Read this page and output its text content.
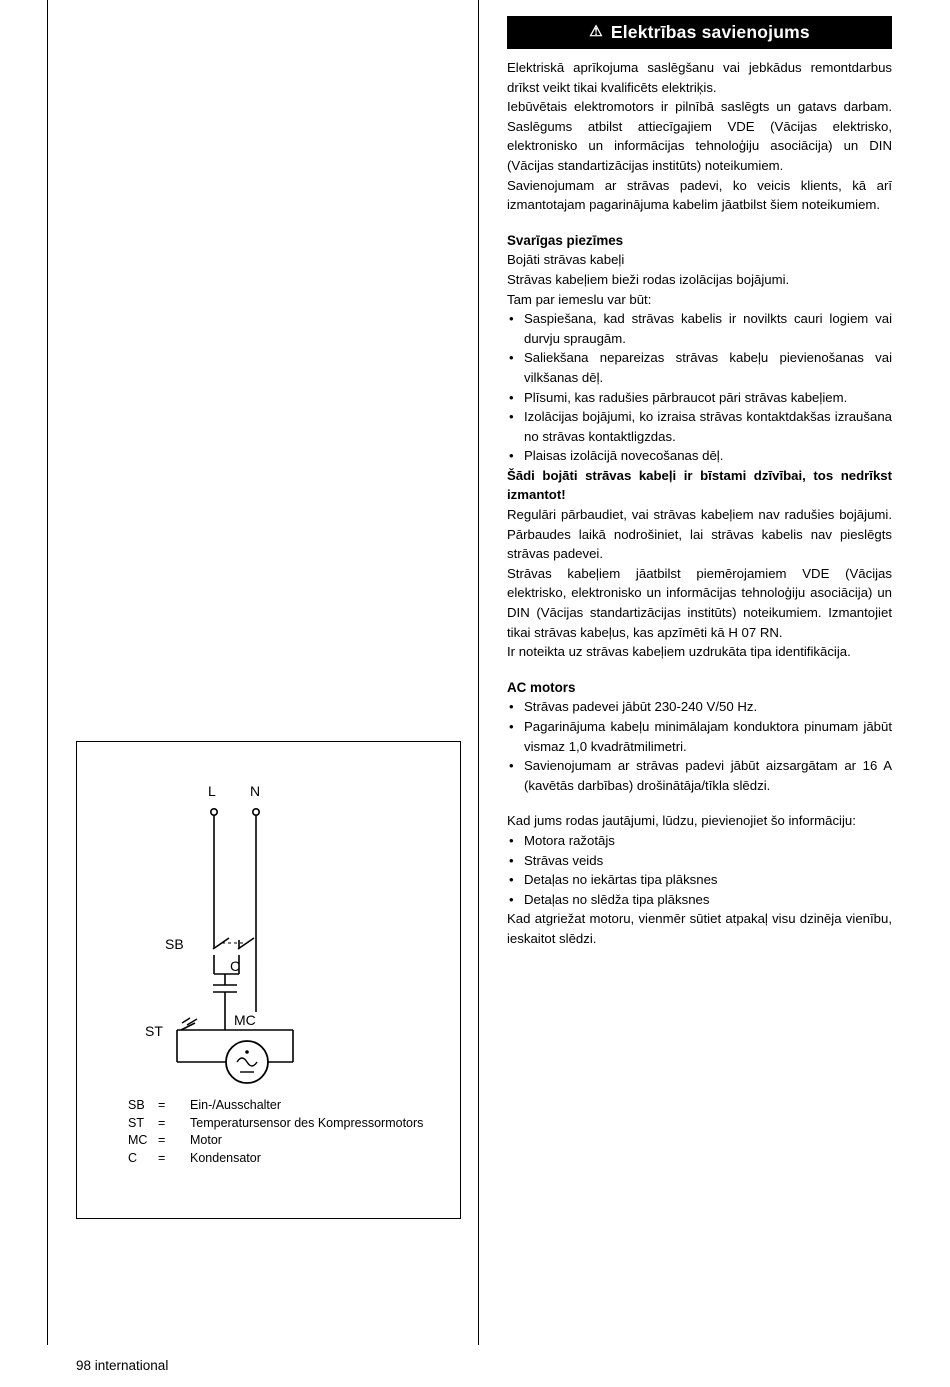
L N
SB
C
ST
MC
SB	=	Ein-/Ausschalter
ST	=	Temperatursensor des Kompressormotors
MC	=	Motor
C	=	Kondensator
⚠ Elektrības savienojums

Elektriskā aprīkojuma saslēgšanu vai jebkādus remontdarbus drīkst veikt tikai kvalificēts elektriķis.

Iebūvētais elektromotors ir pilnībā saslēgts un gatavs darbam. Saslēgums atbilst attiecīgajiem VDE (Vācijas elektrisko, elektronisko un informācijas tehnoloģiju asociācija) un DIN (Vācijas standartizācijas institūts) noteikumiem.

Savienojumam ar strāvas padevi, ko veicis klients, kā arī izmantotajam pagarinājuma kabelim jāatbilst šiem noteikumiem.

Svarīgas piezīmes

Bojāti strāvas kabeļi

Strāvas kabeļiem bieži rodas izolācijas bojājumi.

Tam par iemeslu var būt:

• Saspiešana, kad strāvas kabelis ir novilkts cauri logiem vai durvju spraugām.
• Saliekšana nepareizas strāvas kabeļu pievienošanas vai vilkšanas dēļ.
• Plīsumi, kas radušies pārbraucot pāri strāvas kabeļiem.
• Izolācijas bojājumi, ko izraisa strāvas kontaktdakšas izraušana no strāvas kontaktligzdas.
• Plaisas izolācijā novecošanas dēļ.
Šādi bojāti strāvas kabeļi ir bīstami dzīvībai, tos nedrīkst izmantot!

Regulāri pārbaudiet, vai strāvas kabeļiem nav radušies bojājumi. Pārbaudes laikā nodrošiniet, lai strāvas kabelis nav pieslēgts strāvas padevei.

Strāvas kabeļiem jāatbilst piemērojamiem VDE (Vācijas elektrisko, elektronisko un informācijas tehnoloģiju asociācija) un DIN (Vācijas standartizācijas institūts) noteikumiem. Izmantojiet tikai strāvas kabeļus, kas apzīmēti kā H 07 RN.

Ir noteikta uz strāvas kabeļiem uzdrukāta tipa identifikācija.

AC motors
• Strāvas padevei jābūt 230-240 V/50 Hz.
• Pagarinājuma kabeļu minimālajam konduktora pinumam jābūt vismaz 1,0 kvadrātmilimetri.
• Savienojumam ar strāvas padevi jābūt aizsargātam ar 16 A (kavētās darbības) drošinātāja/tīkla slēdzi.

Kad jums rodas jautājumi, lūdzu, pievienojiet šo informāciju:

• Motora ražotājs
• Strāvas veids
• Detaļas no iekārtas tipa plāksnes
• Detaļas no slēdža tipa plāksnes

Kad atgriežat motoru, vienmēr sūtiet atpakaļ visu dzinēja vienību, ieskaitot slēdzi.

98 international
